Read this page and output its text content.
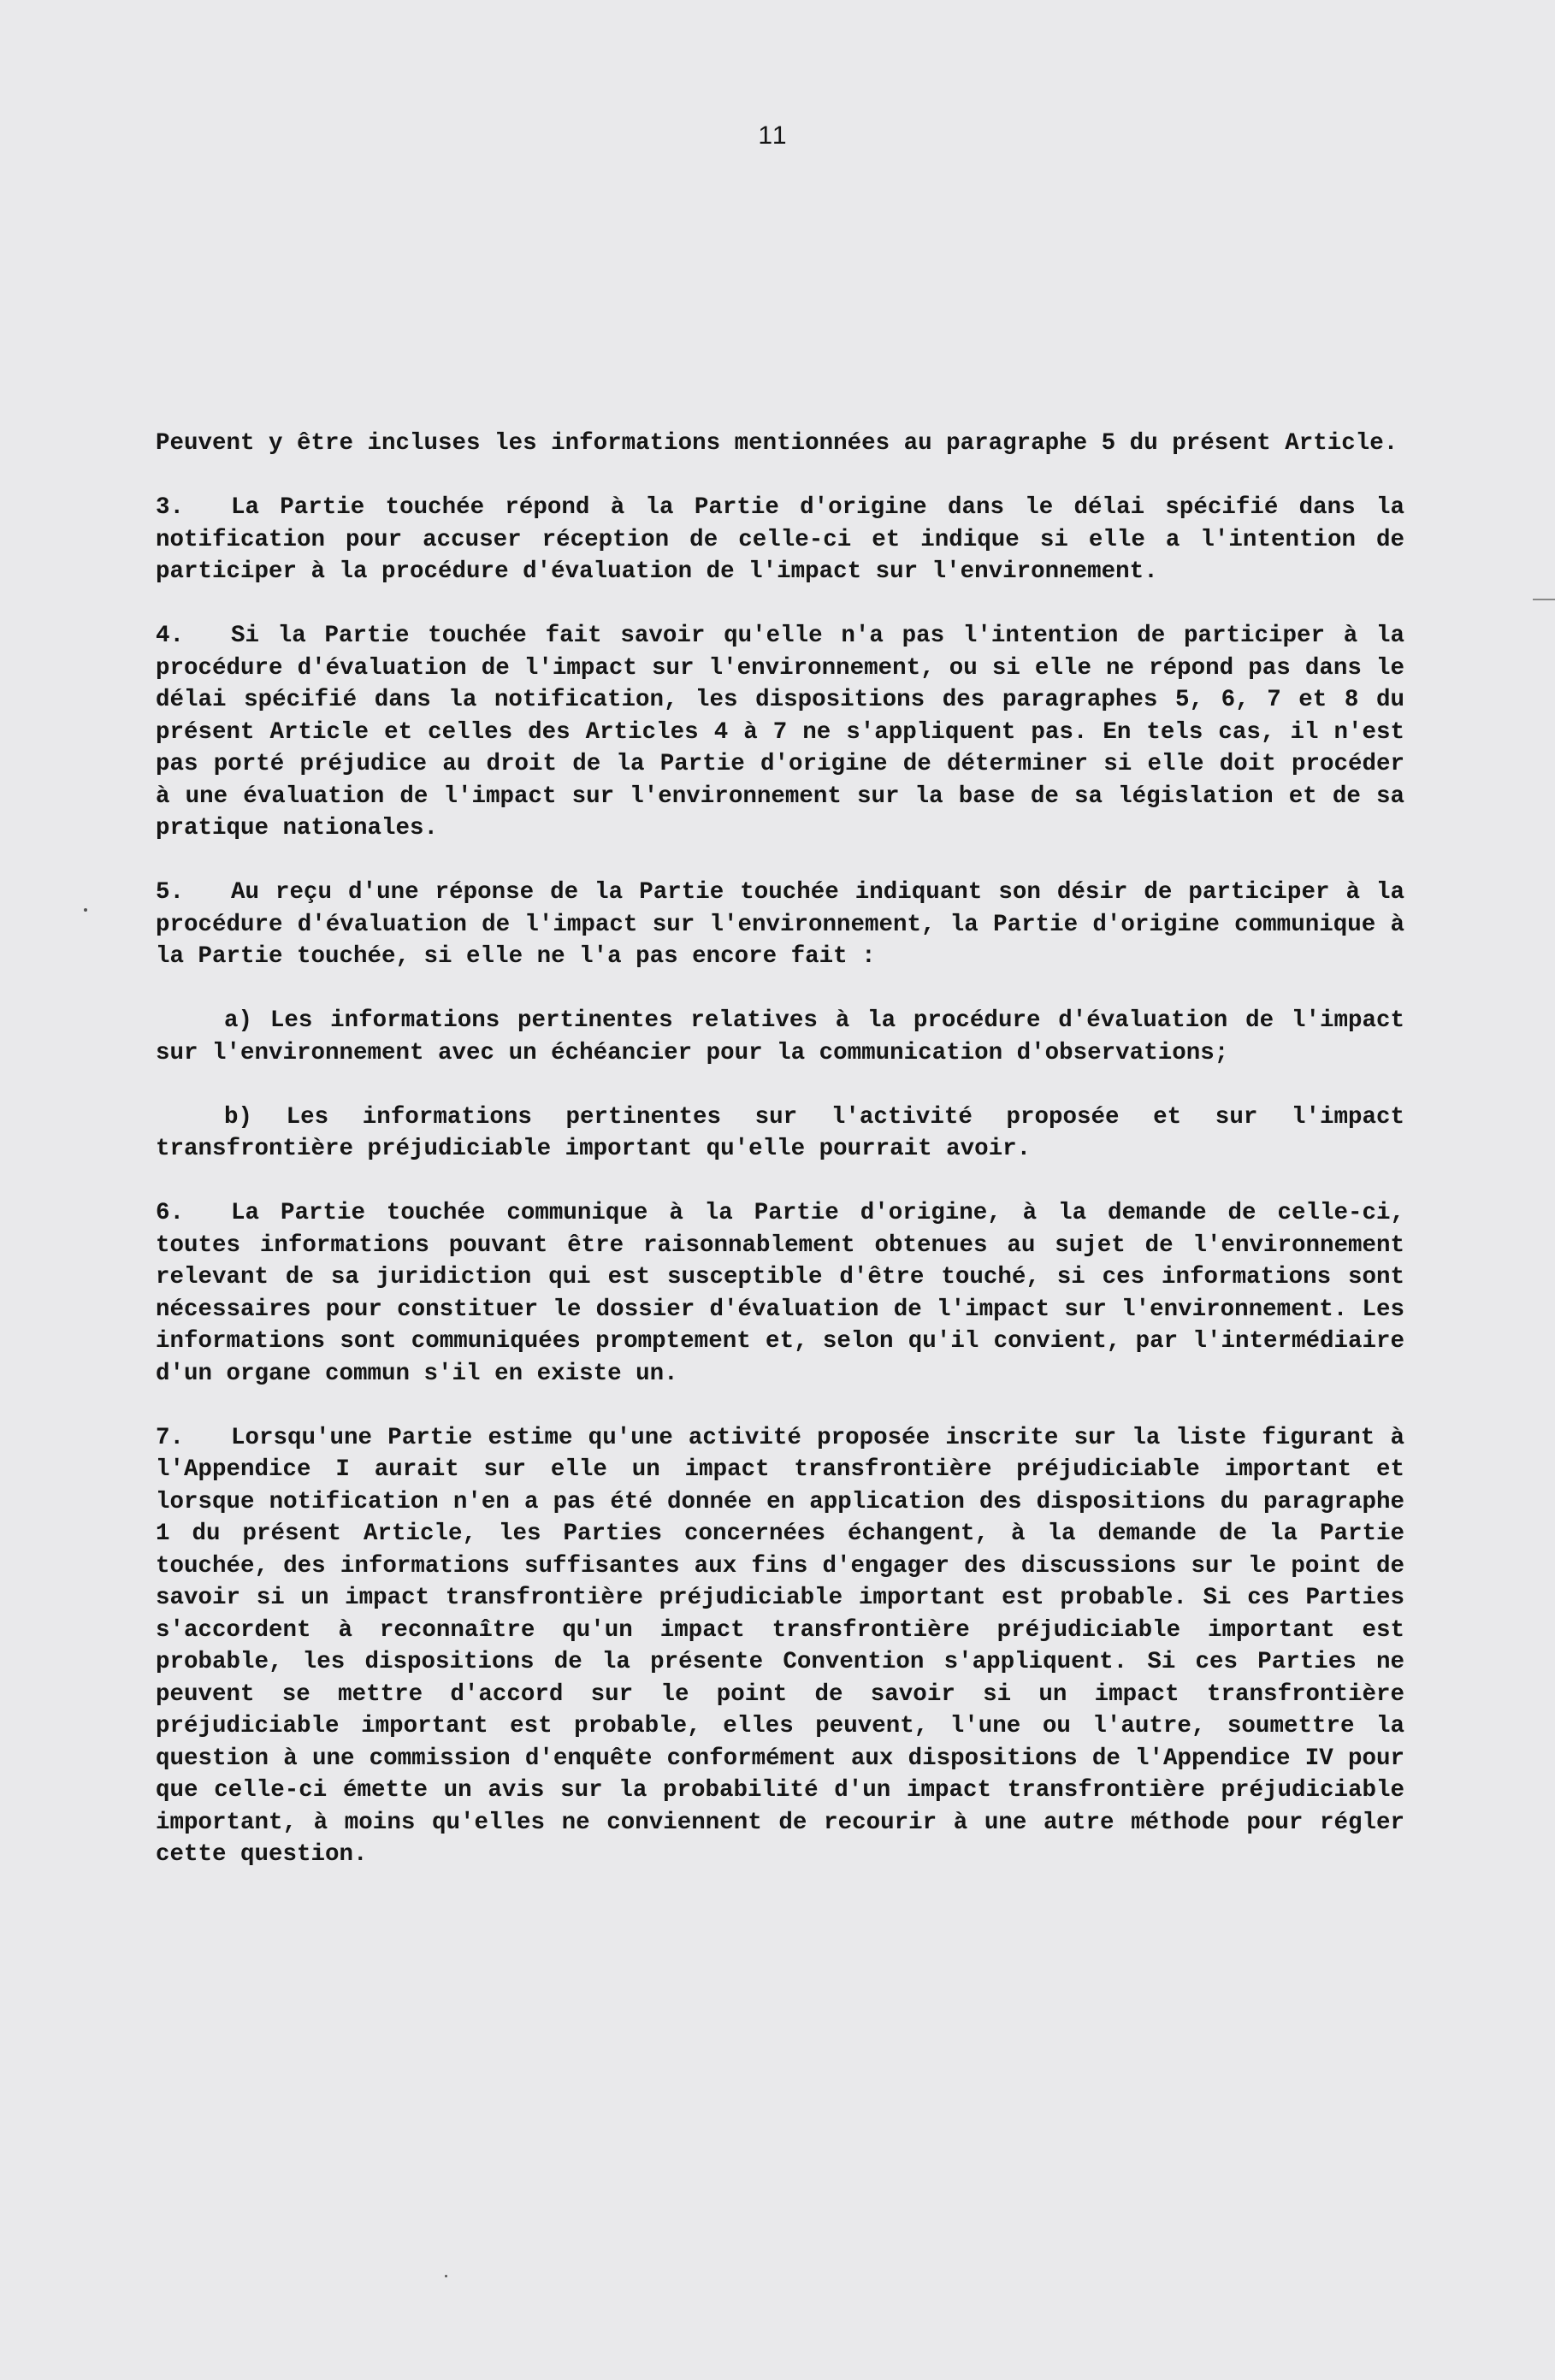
11

Peuvent y être incluses les informations mentionnées au paragraphe 5 du présent Article.

3. La Partie touchée répond à la Partie d'origine dans le délai spécifié dans la notification pour accuser réception de celle-ci et indique si elle a l'intention de participer à la procédure d'évaluation de l'impact sur l'environnement.

4. Si la Partie touchée fait savoir qu'elle n'a pas l'intention de participer à la procédure d'évaluation de l'impact sur l'environnement, ou si elle ne répond pas dans le délai spécifié dans la notification, les dispositions des paragraphes 5, 6, 7 et 8 du présent Article et celles des Articles 4 à 7 ne s'appliquent pas. En tels cas, il n'est pas porté préjudice au droit de la Partie d'origine de déterminer si elle doit procéder à une évaluation de l'impact sur l'environnement sur la base de sa législation et de sa pratique nationales.

5. Au reçu d'une réponse de la Partie touchée indiquant son désir de participer à la procédure d'évaluation de l'impact sur l'environnement, la Partie d'origine communique à la Partie touchée, si elle ne l'a pas encore fait :

a) Les informations pertinentes relatives à la procédure d'évaluation de l'impact sur l'environnement avec un échéancier pour la communication d'observations;

b) Les informations pertinentes sur l'activité proposée et sur l'impact transfrontière préjudiciable important qu'elle pourrait avoir.

6. La Partie touchée communique à la Partie d'origine, à la demande de celle-ci, toutes informations pouvant être raisonnablement obtenues au sujet de l'environnement relevant de sa juridiction qui est susceptible d'être touché, si ces informations sont nécessaires pour constituer le dossier d'évaluation de l'impact sur l'environnement. Les informations sont communiquées promptement et, selon qu'il convient, par l'intermédiaire d'un organe commun s'il en existe un.

7. Lorsqu'une Partie estime qu'une activité proposée inscrite sur la liste figurant à l'Appendice I aurait sur elle un impact transfrontière préjudiciable important et lorsque notification n'en a pas été donnée en application des dispositions du paragraphe 1 du présent Article, les Parties concernées échangent, à la demande de la Partie touchée, des informations suffisantes aux fins d'engager des discussions sur le point de savoir si un impact transfrontière préjudiciable important est probable. Si ces Parties s'accordent à reconnaître qu'un impact transfrontière préjudiciable important est probable, les dispositions de la présente Convention s'appliquent. Si ces Parties ne peuvent se mettre d'accord sur le point de savoir si un impact transfrontière préjudiciable important est probable, elles peuvent, l'une ou l'autre, soumettre la question à une commission d'enquête conformément aux dispositions de l'Appendice IV pour que celle-ci émette un avis sur la probabilité d'un impact transfrontière préjudiciable important, à moins qu'elles ne conviennent de recourir à une autre méthode pour régler cette question.
